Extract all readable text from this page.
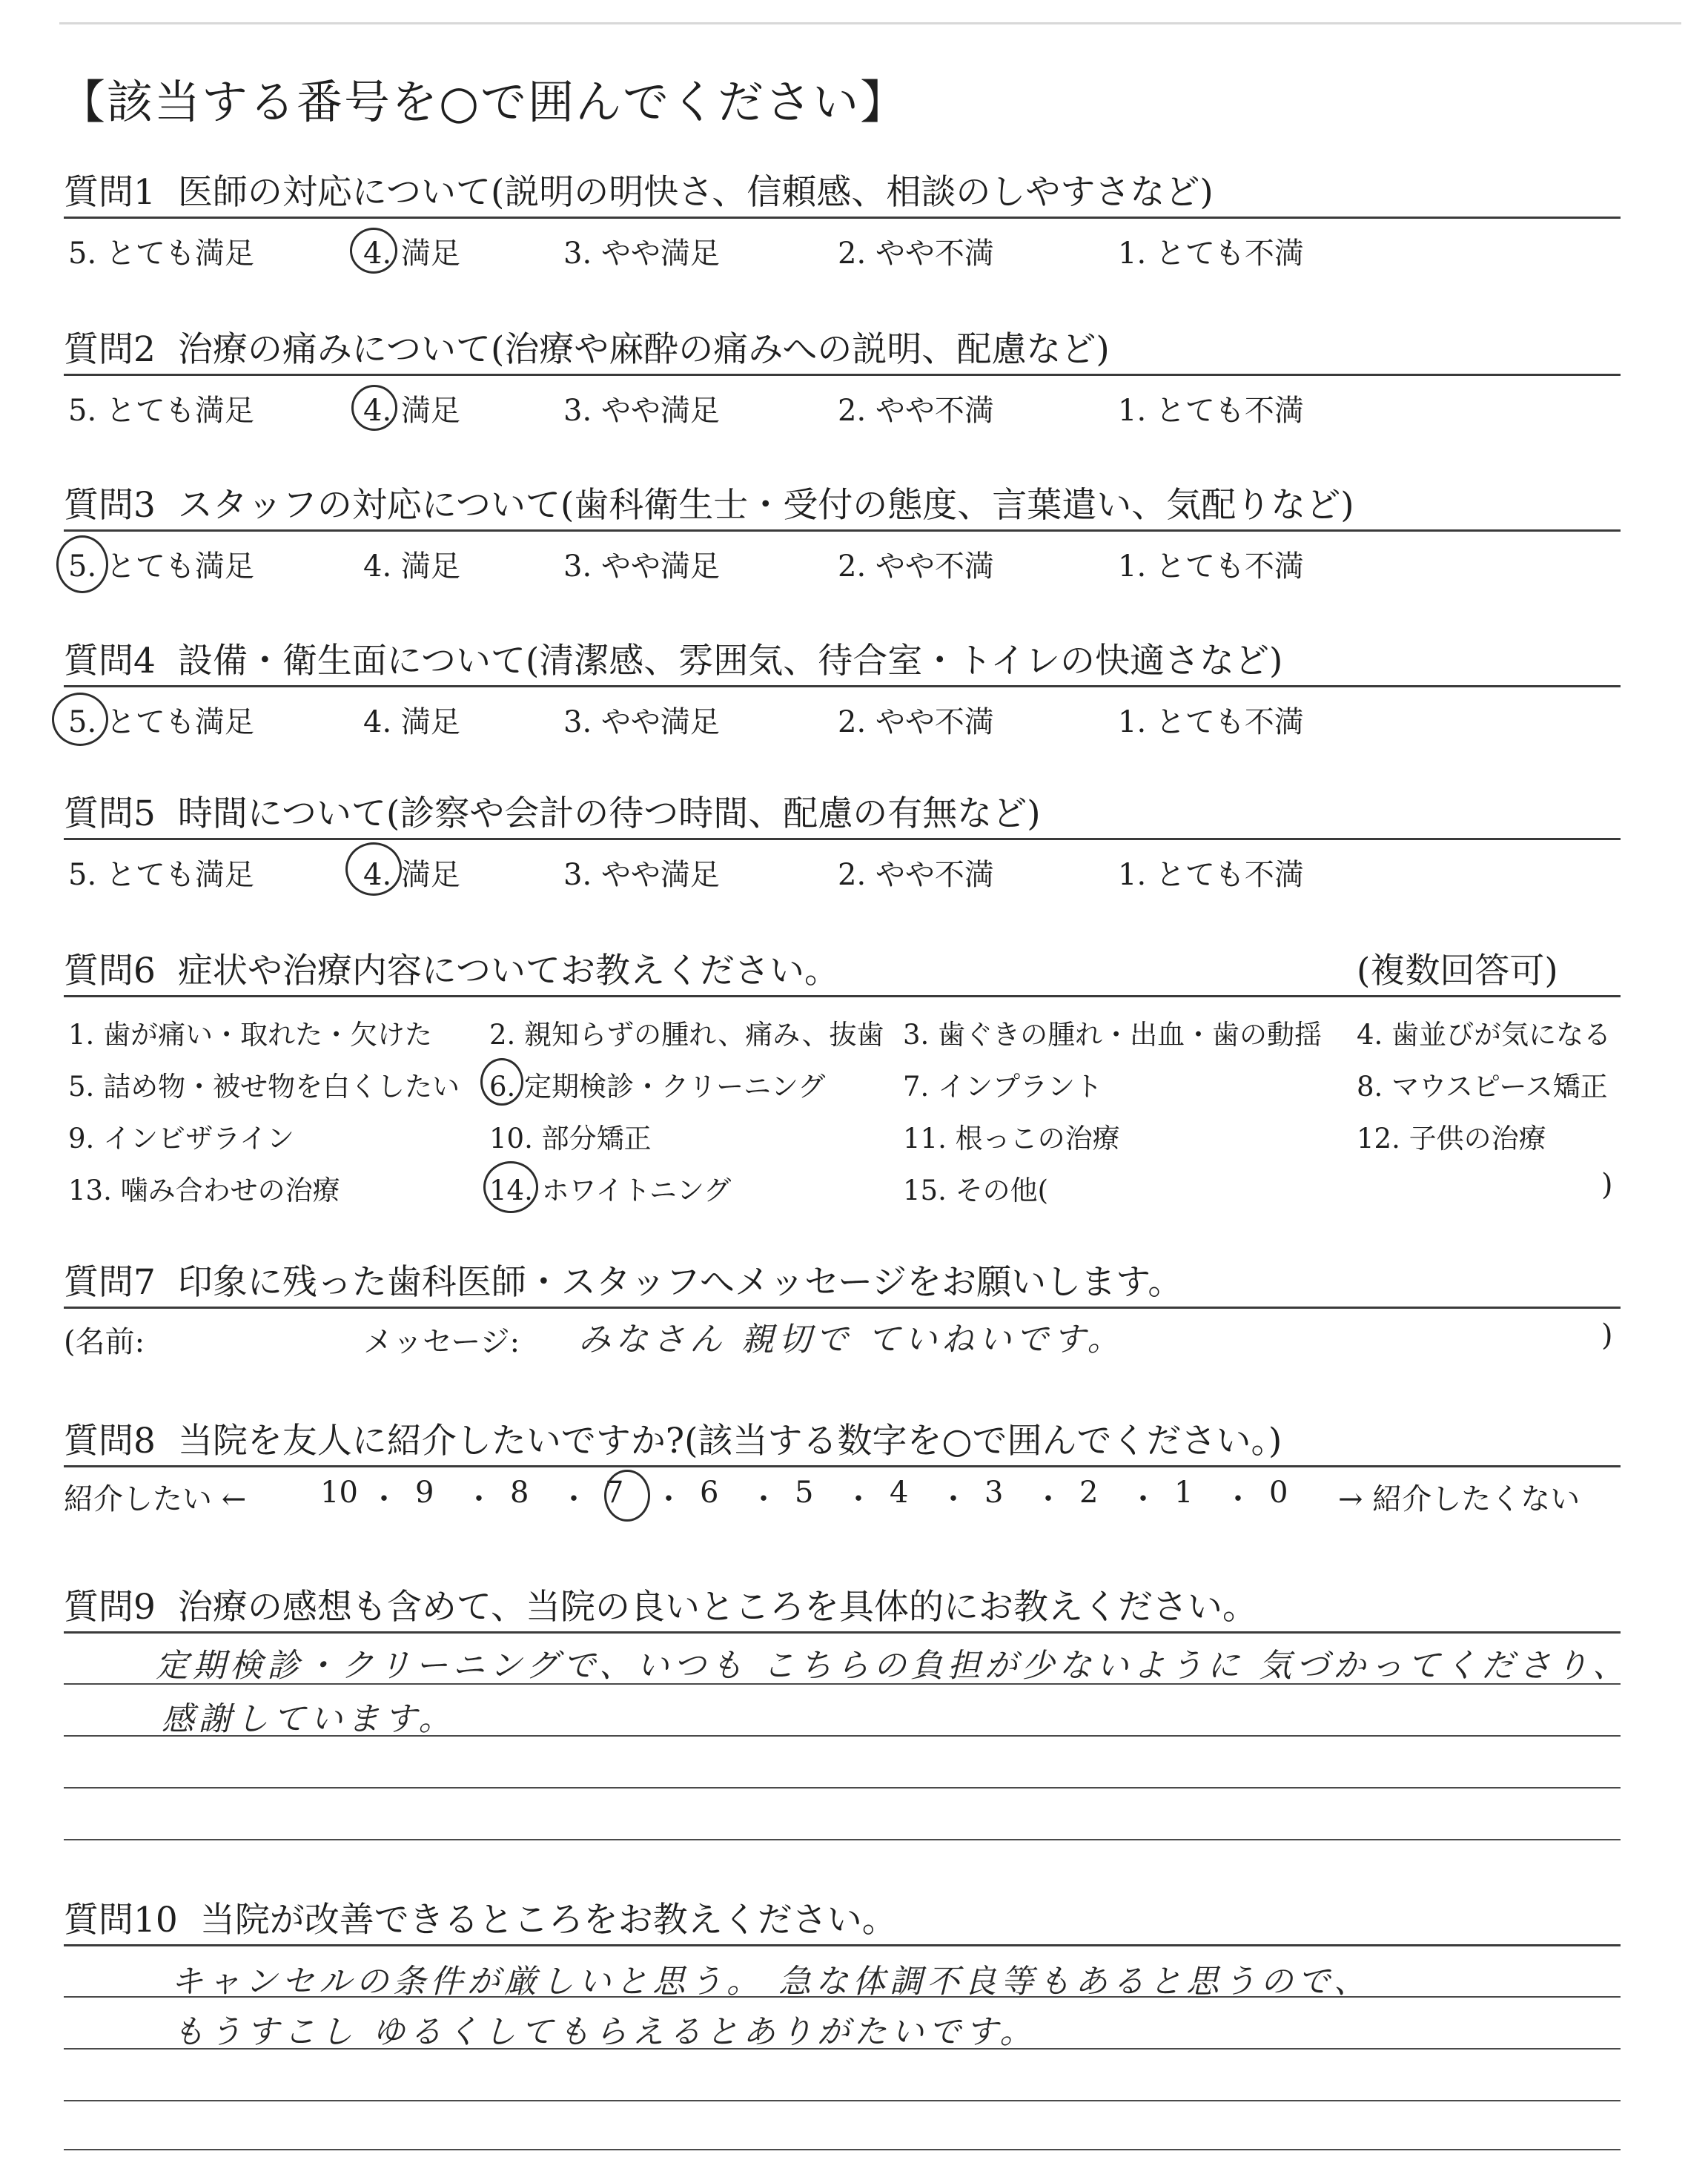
【該当する番号を○で囲んでください】
質問1 医師の対応について(説明の明快さ、信頼感、相談のしやすさなど)
5. とても満足	4. 満足	3. やや満足	2. やや不満	1. とても不満
質問2 治療の痛みについて(治療や麻酔の痛みへの説明、配慮など)
5. とても満足	4. 満足	3. やや満足	2. やや不満	1. とても不満
質問3 スタッフの対応について(歯科衛生士・受付の態度、言葉遣い、気配りなど)
5. とても満足	4. 満足	3. やや満足	2. やや不満	1. とても不満
質問4 設備・衛生面について(清潔感、雰囲気、待合室・トイレの快適さなど)
5. とても満足	4. 満足	3. やや満足	2. やや不満	1. とても不満
質問5 時間について(診察や会計の待つ時間、配慮の有無など)
5. とても満足	4. 満足	3. やや満足	2. やや不満	1. とても不満
質問6 症状や治療内容についてお教えください。	(複数回答可)
1. 歯が痛い・取れた・欠けた 2. 親知らずの腫れ、痛み、抜歯 3. 歯ぐきの腫れ・出血・歯の動揺 4. 歯並びが気になる
5. 詰め物・被せ物を白くしたい 6. 定期検診・クリーニング	7. インプラント	8. マウスピース矯正
9. インビザライン	10. 部分矯正	11. 根っこの治療	12. 子供の治療
13. 噛み合わせの治療	14. ホワイトニング	15. その他(	)
質問7 印象に残った歯科医師・スタッフへメッセージをお願いします。
(名前:	メッセージ: みなさん 親切で ていねいです。	)
質問8 当院を友人に紹介したいですか?(該当する数字を○で囲んでください。)
紹介したい ←	→ 紹介したくない
10 ・ 9 ・ 8 ・ 7 ・ 6 ・ 5 ・ 4 ・ 3 ・ 2 ・ 1 ・ 0
質問9 治療の感想も含めて、当院の良いところを具体的にお教えください。
定期検診・クリーニングで、いつも こちらの負担が少ないように 気づかってくださり、
感謝しています。
質問10 当院が改善できるところをお教えください。
キャンセルの条件が厳しいと思う。 急な体調不良等もあると思うので、
もうすこし ゆるくしてもらえるとありがたいです。
